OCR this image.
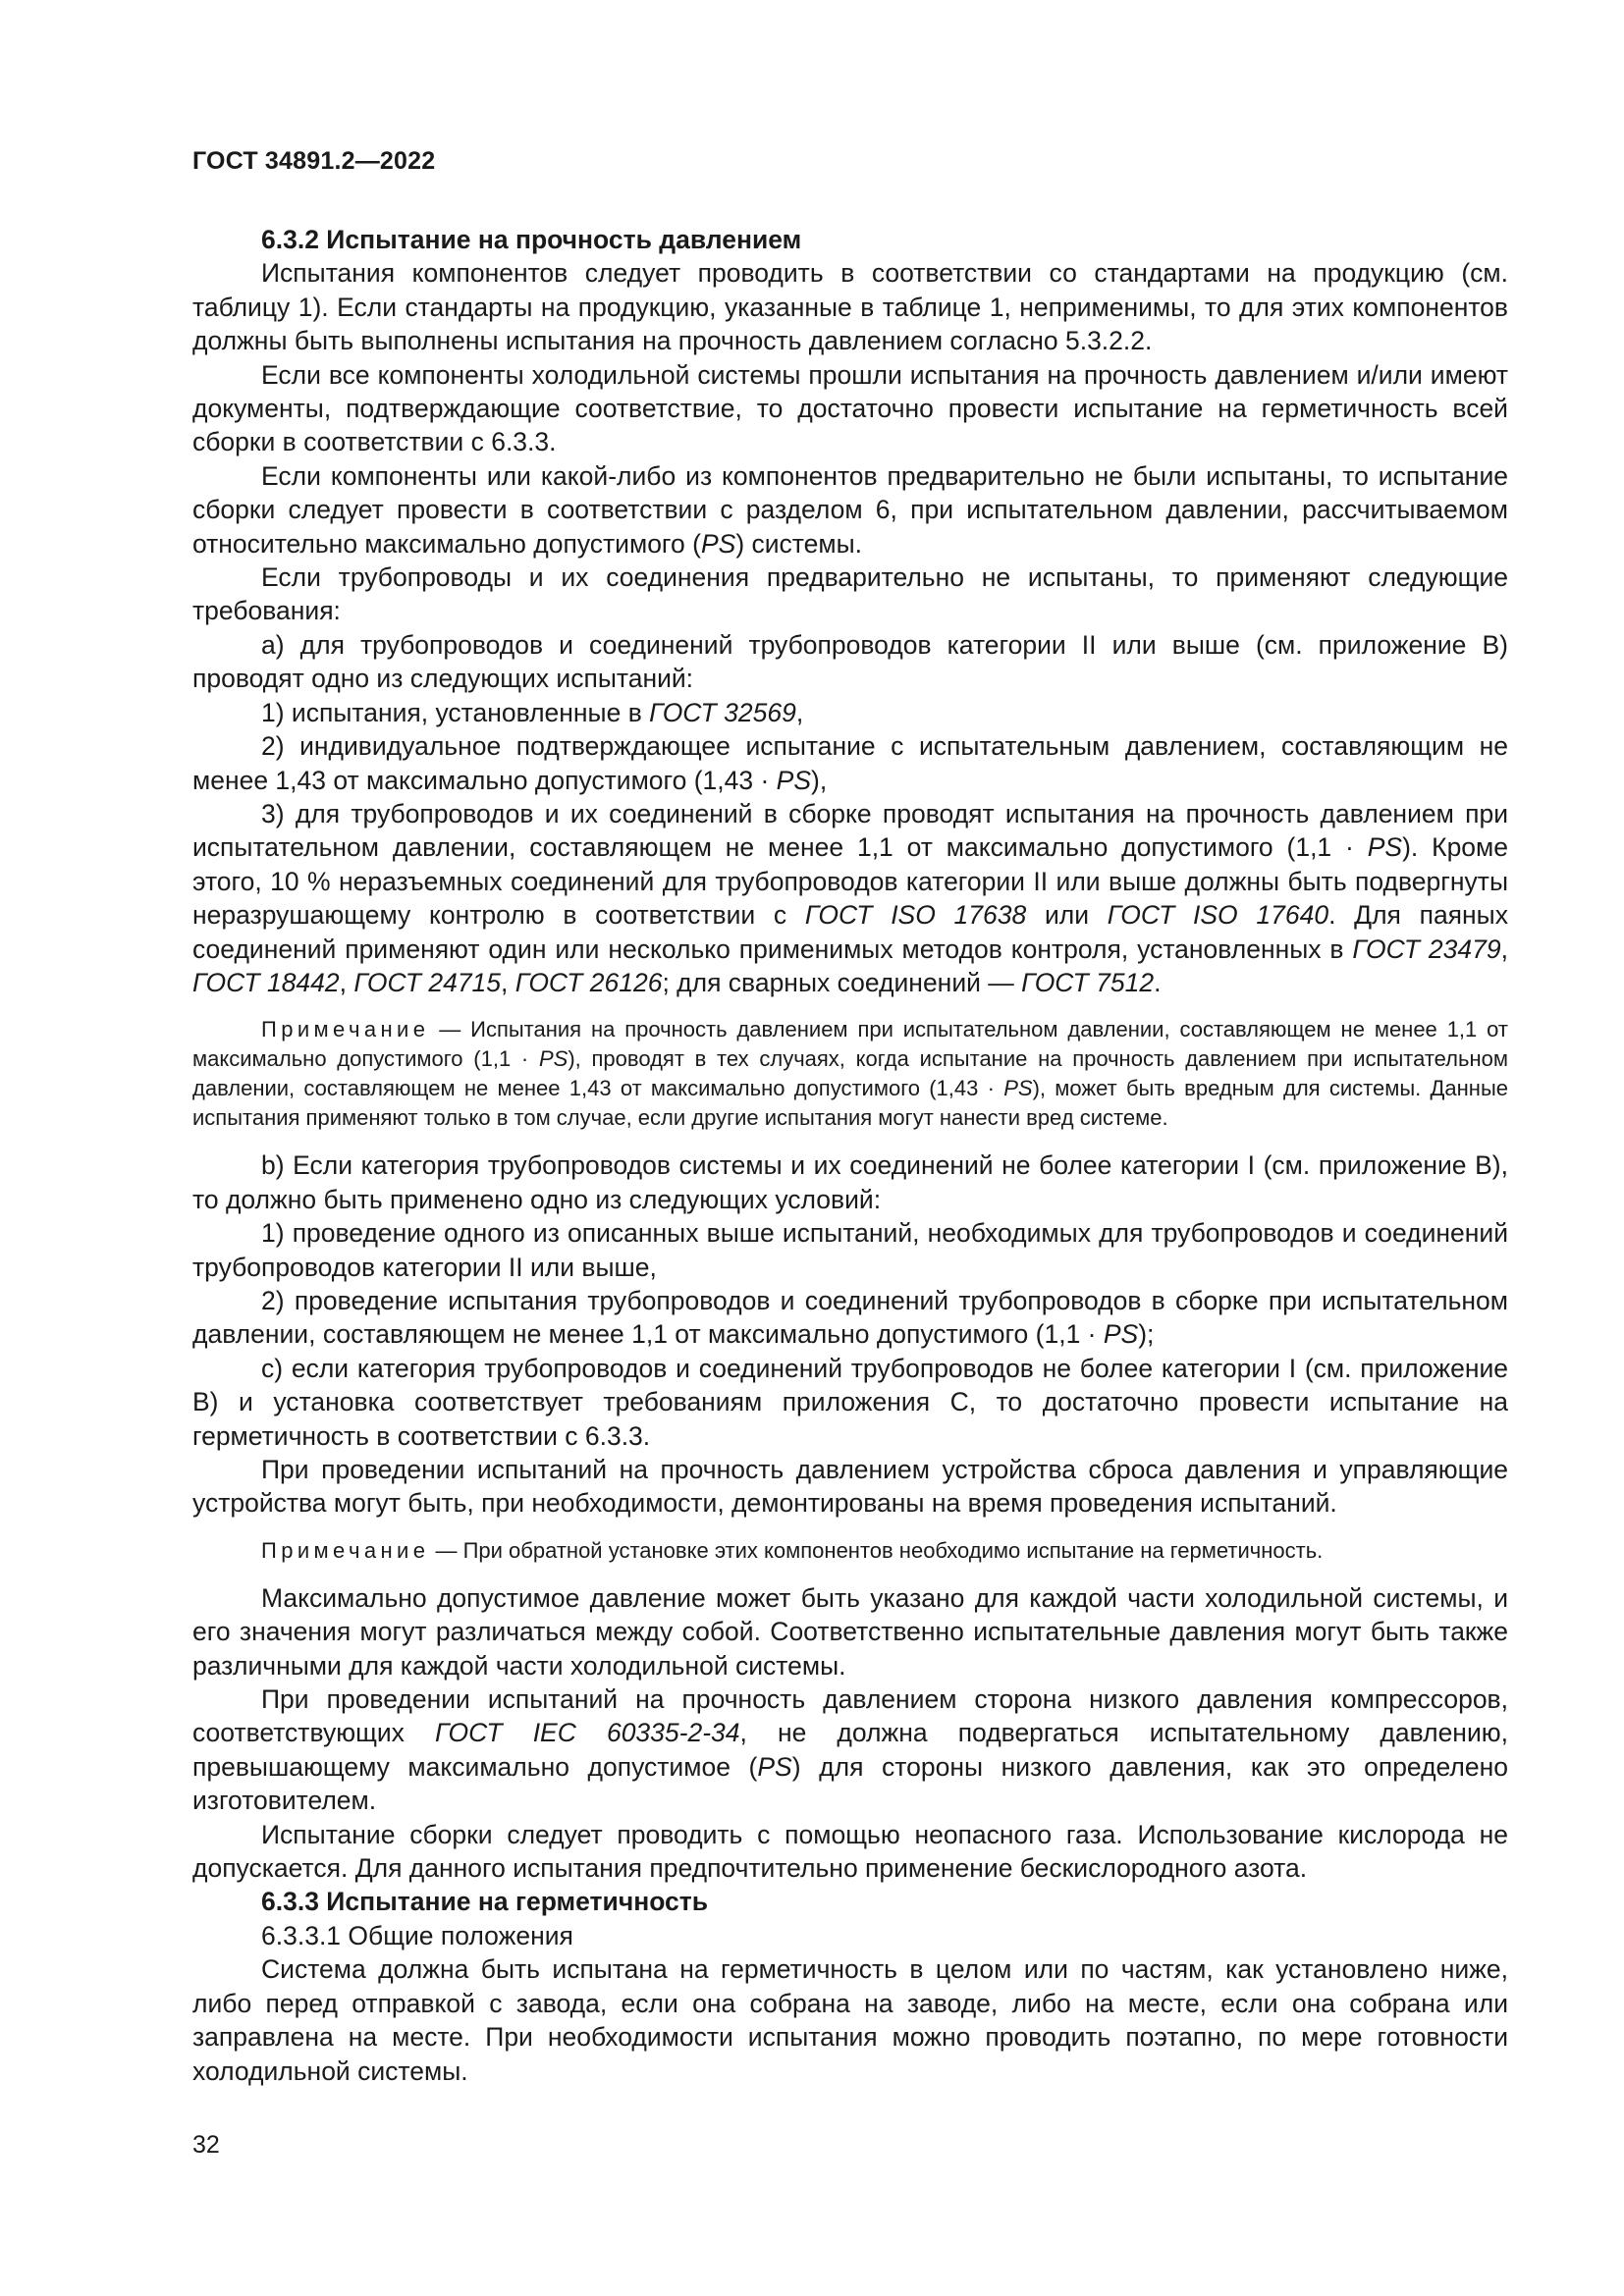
ГОСТ 34891.2—2022

6.3.2 Испытание на прочность давлением

Испытания компонентов следует проводить в соответствии со стандартами на продукцию (см. таблицу 1). Если стандарты на продукцию, указанные в таблице 1, неприменимы, то для этих компонентов должны быть выполнены испытания на прочность давлением согласно 5.3.2.2.

Если все компоненты холодильной системы прошли испытания на прочность давлением и/или имеют документы, подтверждающие соответствие, то достаточно провести испытание на герметичность всей сборки в соответствии с 6.3.3.

Если компоненты или какой-либо из компонентов предварительно не были испытаны, то испытание сборки следует провести в соответствии с разделом 6, при испытательном давлении, рассчитываемом относительно максимально допустимого (PS) системы.

Если трубопроводы и их соединения предварительно не испытаны, то применяют следующие требования:

a) для трубопроводов и соединений трубопроводов категории II или выше (см. приложение B) проводят одно из следующих испытаний:

1) испытания, установленные в ГОСТ 32569,

2) индивидуальное подтверждающее испытание с испытательным давлением, составляющим не менее 1,43 от максимально допустимого (1,43 · PS),

3) для трубопроводов и их соединений в сборке проводят испытания на прочность давлением при испытательном давлении, составляющем не менее 1,1 от максимально допустимого (1,1 · PS). Кроме этого, 10 % неразъемных соединений для трубопроводов категории II или выше должны быть подвергнуты неразрушающему контролю в соответствии с ГОСТ ISO 17638 или ГОСТ ISO 17640. Для паяных соединений применяют один или несколько применимых методов контроля, установленных в ГОСТ 23479, ГОСТ 18442, ГОСТ 24715, ГОСТ 26126; для сварных соединений — ГОСТ 7512.

Примечание — Испытания на прочность давлением при испытательном давлении, составляющем не менее 1,1 от максимально допустимого (1,1 · PS), проводят в тех случаях, когда испытание на прочность давлением при испытательном давлении, составляющем не менее 1,43 от максимально допустимого (1,43 · PS), может быть вредным для системы. Данные испытания применяют только в том случае, если другие испытания могут нанести вред системе.

b) Если категория трубопроводов системы и их соединений не более категории I (см. приложение B), то должно быть применено одно из следующих условий:

1) проведение одного из описанных выше испытаний, необходимых для трубопроводов и соединений трубопроводов категории II или выше,

2) проведение испытания трубопроводов и соединений трубопроводов в сборке при испытательном давлении, составляющем не менее 1,1 от максимально допустимого (1,1 · PS);

c) если категория трубопроводов и соединений трубопроводов не более категории I (см. приложение B) и установка соответствует требованиям приложения C, то достаточно провести испытание на герметичность в соответствии с 6.3.3.

При проведении испытаний на прочность давлением устройства сброса давления и управляющие устройства могут быть, при необходимости, демонтированы на время проведения испытаний.

Примечание — При обратной установке этих компонентов необходимо испытание на герметичность.

Максимально допустимое давление может быть указано для каждой части холодильной системы, и его значения могут различаться между собой. Соответственно испытательные давления могут быть также различными для каждой части холодильной системы.

При проведении испытаний на прочность давлением сторона низкого давления компрессоров, соответствующих ГОСТ IEC 60335-2-34, не должна подвергаться испытательному давлению, превышающему максимально допустимое (PS) для стороны низкого давления, как это определено изготовителем.

Испытание сборки следует проводить с помощью неопасного газа. Использование кислорода не допускается. Для данного испытания предпочтительно применение бескислородного азота.

6.3.3 Испытание на герметичность

6.3.3.1 Общие положения

Система должна быть испытана на герметичность в целом или по частям, как установлено ниже, либо перед отправкой с завода, если она собрана на заводе, либо на месте, если она собрана или заправлена на месте. При необходимости испытания можно проводить поэтапно, по мере готовности холодильной системы.

32
